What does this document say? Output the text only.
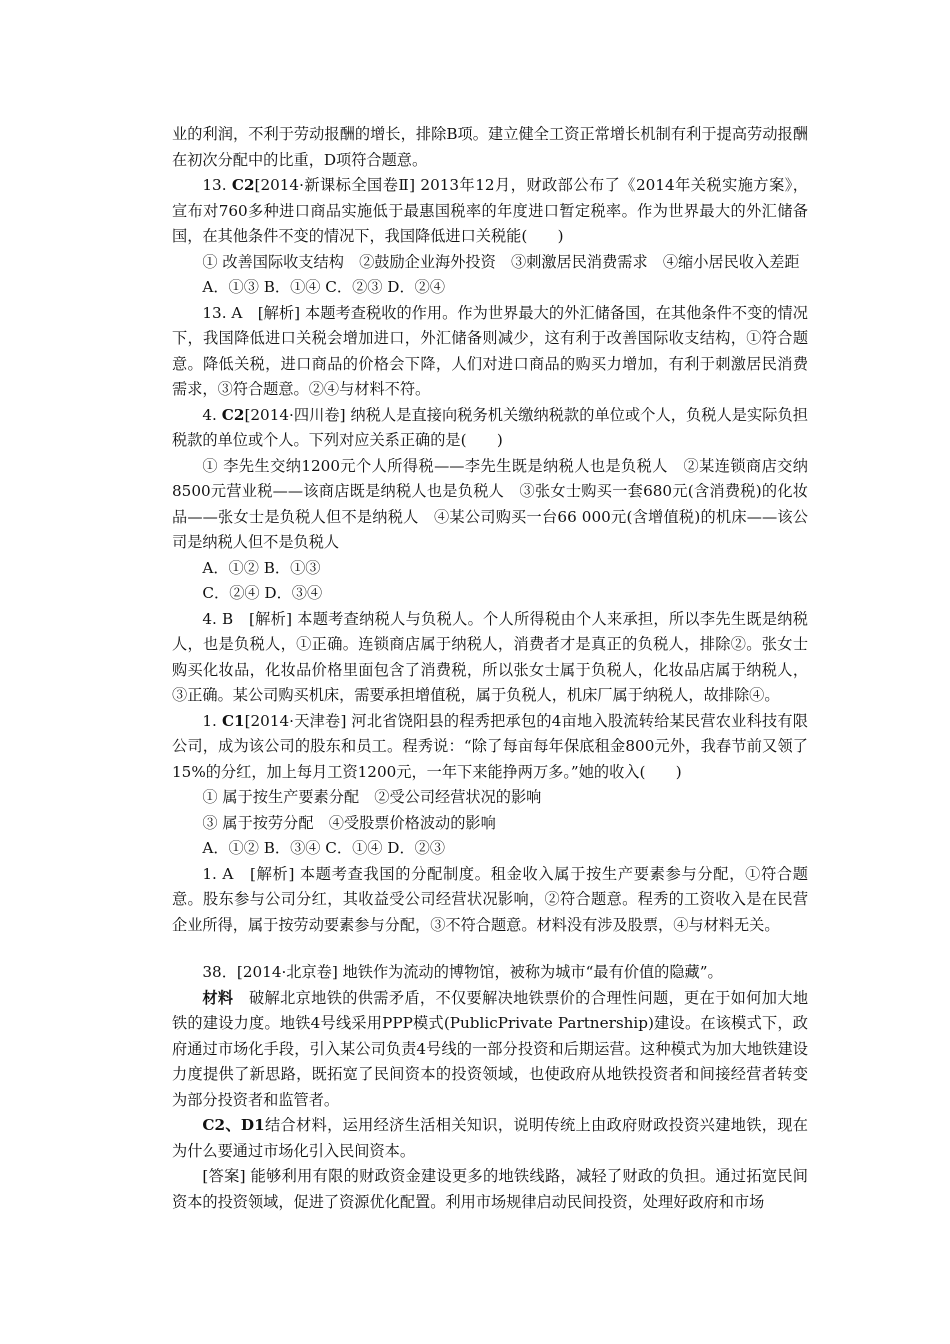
业的利润，不利于劳动报酬的增长，排除B项。建立健全工资正常增长机制有利于提高劳动报酬在初次分配中的比重，D项符合题意。

13. C2[2014·新课标全国卷Ⅱ] 2013年12月，财政部公布了《2014年关税实施方案》，宣布对760多种进口商品实施低于最惠国税率的年度进口暂定税率。作为世界最大的外汇储备国，在其他条件不变的情况下，我国降低进口关税能(　　)

① 改善国际收支结构　②鼓励企业海外投资　③刺激居民消费需求　④缩小居民收入差距

A．①③ B．①④ C．②③ D．②④

13. A　[解析] 本题考查税收的作用。作为世界最大的外汇储备国，在其他条件不变的情况下，我国降低进口关税会增加进口，外汇储备则减少，这有利于改善国际收支结构，①符合题意。降低关税，进口商品的价格会下降，人们对进口商品的购买力增加，有利于刺激居民消费需求，③符合题意。②④与材料不符。

4. C2[2014·四川卷] 纳税人是直接向税务机关缴纳税款的单位或个人，负税人是实际负担税款的单位或个人。下列对应关系正确的是(　　)

① 李先生交纳1200元个人所得税——李先生既是纳税人也是负税人　②某连锁商店交纳8500元营业税——该商店既是纳税人也是负税人　③张女士购买一套680元(含消费税)的化妆品——张女士是负税人但不是纳税人　④某公司购买一台66 000元(含增值税)的机床——该公司是纳税人但不是负税人

A．①② B．①③

C．②④ D．③④

4. B　[解析] 本题考查纳税人与负税人。个人所得税由个人来承担，所以李先生既是纳税人，也是负税人，①正确。连锁商店属于纳税人，消费者才是真正的负税人，排除②。张女士购买化妆品，化妆品价格里面包含了消费税，所以张女士属于负税人，化妆品店属于纳税人，③正确。某公司购买机床，需要承担增值税，属于负税人，机床厂属于纳税人，故排除④。

1. C1[2014·天津卷] 河北省饶阳县的程秀把承包的4亩地入股流转给某民营农业科技有限公司，成为该公司的股东和员工。程秀说：“除了每亩每年保底租金800元外，我春节前又领了15%的分红，加上每月工资1200元，一年下来能挣两万多。”她的收入(　　)

① 属于按生产要素分配　②受公司经营状况的影响

③ 属于按劳分配　④受股票价格波动的影响

A．①② B．③④ C．①④ D．②③

1. A　[解析] 本题考查我国的分配制度。租金收入属于按生产要素参与分配，①符合题意。股东参与公司分红，其收益受公司经营状况影响，②符合题意。程秀的工资收入是在民营企业所得，属于按劳动要素参与分配，③不符合题意。材料没有涉及股票，④与材料无关。

38．[2014·北京卷] 地铁作为流动的博物馆，被称为城市“最有价值的隐藏”。

材料　破解北京地铁的供需矛盾，不仅要解决地铁票价的合理性问题，更在于如何加大地铁的建设力度。地铁4号线采用PPP模式(PublicPrivate Partnership)建设。在该模式下，政府通过市场化手段，引入某公司负责4号线的一部分投资和后期运营。这种模式为加大地铁建设力度提供了新思路，既拓宽了民间资本的投资领域，也使政府从地铁投资者和间接经营者转变为部分投资者和监管者。

C2、D1结合材料，运用经济生活相关知识，说明传统上由政府财政投资兴建地铁，现在为什么要通过市场化引入民间资本。

[答案] 能够利用有限的财政资金建设更多的地铁线路，减轻了财政的负担。通过拓宽民间资本的投资领域，促进了资源优化配置。利用市场规律启动民间投资，处理好政府和市场
